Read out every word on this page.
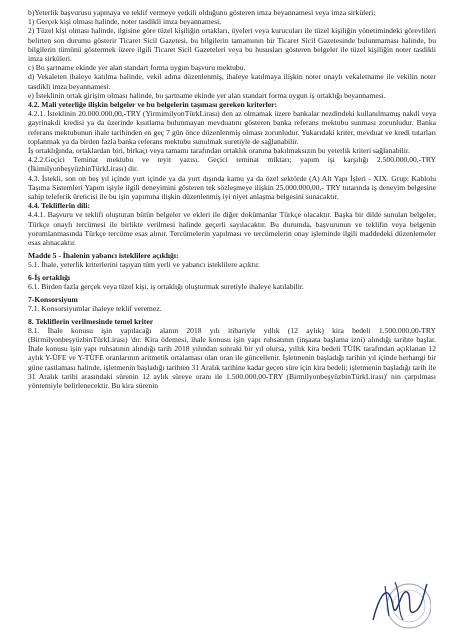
b)Yeterlik başvurusu yapmaya ve teklif vermeye yetkili olduğunu gösteren imza beyannamesi veya imza sirküleri;

1) Gerçek kişi olması halinde, noter tasdikli imza beyannamesi,

2) Tüzel kişi olması halinde, ilgisine göre tüzel kişiliğin ortakları, üyeleri veya kurucuları ile tüzel kişiliğin yönetimindeki görevlileri belirten son durumu gösterir Ticaret Sicil Gazetesi, bu bilgilerin tamamının bir Ticaret Sicil Gazetesinde bulunmaması halinde, bu bilgilerin tümünü göstermek üzere ilgili Ticaret Sicil Gazeteleri veya bu hususları gösteren belgeler ile tüzel kişiliğin noter tasdikli imza sirküleri.

c) Bu şartname ekinde yer alan standart forma uygun başvuru mektubu.

d) Vekaleten ihaleye katılma halinde, vekil adına düzenlenmiş, ihaleye katılmaya ilişkin noter onaylı vekaletname ile vekilin noter tasdikli imza beyannamesi.

e) İsteklinin ortak girişim olması halinde, bu şartname ekinde yer alan standart forma uygun iş ortaklığı beyannamesi.

4.2. Mali yeterliğe ilişkin belgeler ve bu belgelerin taşıması gereken kriterler:

4.2.1. İsteklinin 20.000.000,00,-TRY (YirmimilyonTürkLirası) den az olmamak üzere bankalar nezdindeki kullanılmamış nakdi veya gayrinakdi kredisi ya da üzerinde kısıtlama bulunmayan mevduatını gösteren banka referans mektubu sunması zorunludur. Banka referans mektubunun ihale tarihinden en geç 7 gün önce düzenlenmiş olması zorunludur. Yukarıdaki kriter, mevduat ve kredi tutarları toplanmak ya da birden fazla banka referans mektubu sunulmak suretiyle de sağlanabilir.

İş ortaklığında, ortaklardan biri, birkaçı veya tamamı tarafından ortaklık oranına bakılmaksızın bu yeterlik kriteri sağlanabilir.

4.2.2.Geçici Teminat mektubu ve teyit yazısı. Geçici teminat miktarı; yapım işi karşılığı 2.500.000,00,-TRY (İkimilyonbeşyüzbinTürkLirası) dir.

4.3. İstekli, son on beş yıl içinde yurt içinde ya da yurt dışında kamu ya da özel sektörde (A) Alt Yapı İşleri - XIX. Grup: Kablolu Taşıma Sistemleri Yapım işiyle ilgili deneyimini gösteren tek sözleşmeye ilişkin 25.000.000,00,- TRY tutarında iş deneyim belgesine sahip teleferik üreticisi ile bu işin yapımına ilişkin düzenlenmiş iyi niyet anlaşma belgesini sunacaktır.

4.4. Tekliflerin dili:

4.4.1. Başvuru ve teklifi oluşturan bütün belgeler ve ekleri ile diğer dokümanlar Türkçe olacaktır. Başka bir dilde sunulan belgeler, Türkçe onaylı tercümesi ile birlikte verilmesi halinde geçerli sayılacaktır. Bu durumda, başvurunun ve teklifin veya belgenin yorumlanmasında Türkçe tercüme esas alınır. Tercümelerin yapılması ve tercümelerin onay işleminde ilgili maddedeki düzenlemeler esas alınacaktır.

Madde 5 - İhalenin yabancı isteklilere açıklığı:

5.1. İhale, yeterlik kriterlerini taşıyan tüm yerli ve yabancı isteklilere açıktır.

6-İş ortaklığı

6.1. Birden fazla gerçek veya tüzel kişi, iş ortaklığı oluşturmak suretiyle ihaleye katılabilir.

7-Konsorsiyum

7.1. Konsorsiyumlar ihaleye teklif veremez.

8. Tekliflerin verilmesinde temel kriter

8.1. İhale konusu işin yapılacağı alanın 2018 yılı itibariyle yıllık (12 aylık) kira bedeli 1.500.000,00-TRY (BirmilyonbeşyüzbinTürkLirası) 'dır. Kira ödemesi, ihale konusu işin yapı ruhsatının (inşaata başlama izni) alındığı tarihte başlar. İhale konusu işin yapı ruhsatının alındığı tarih 2018 yılından sonraki bir yıl olursa, yıllık kira bedeli TÜİK tarafından açıklanan 12 aylık Y-ÜFE ve Y-TÜFE oranlarının aritmetik ortalaması olan oran ile güncellenir. İşletmenin başladığı tarihin yıl içinde herhangi bir güne rastlaması halinde, işletmenin başladığı tarihten 31 Aralık tarihine kadar geçen süre için kira bedeli; işletmenin başladığı tarih ile 31 Aralık tarihi arasındaki sürenin 12 aylık süreye oranı ile 1.500.000,00-TRY (BirmilyonbeşyüzbinTürkLirası)' nin çarpılması yöntemiyle belirlenecektir. Bu kira sürenin
